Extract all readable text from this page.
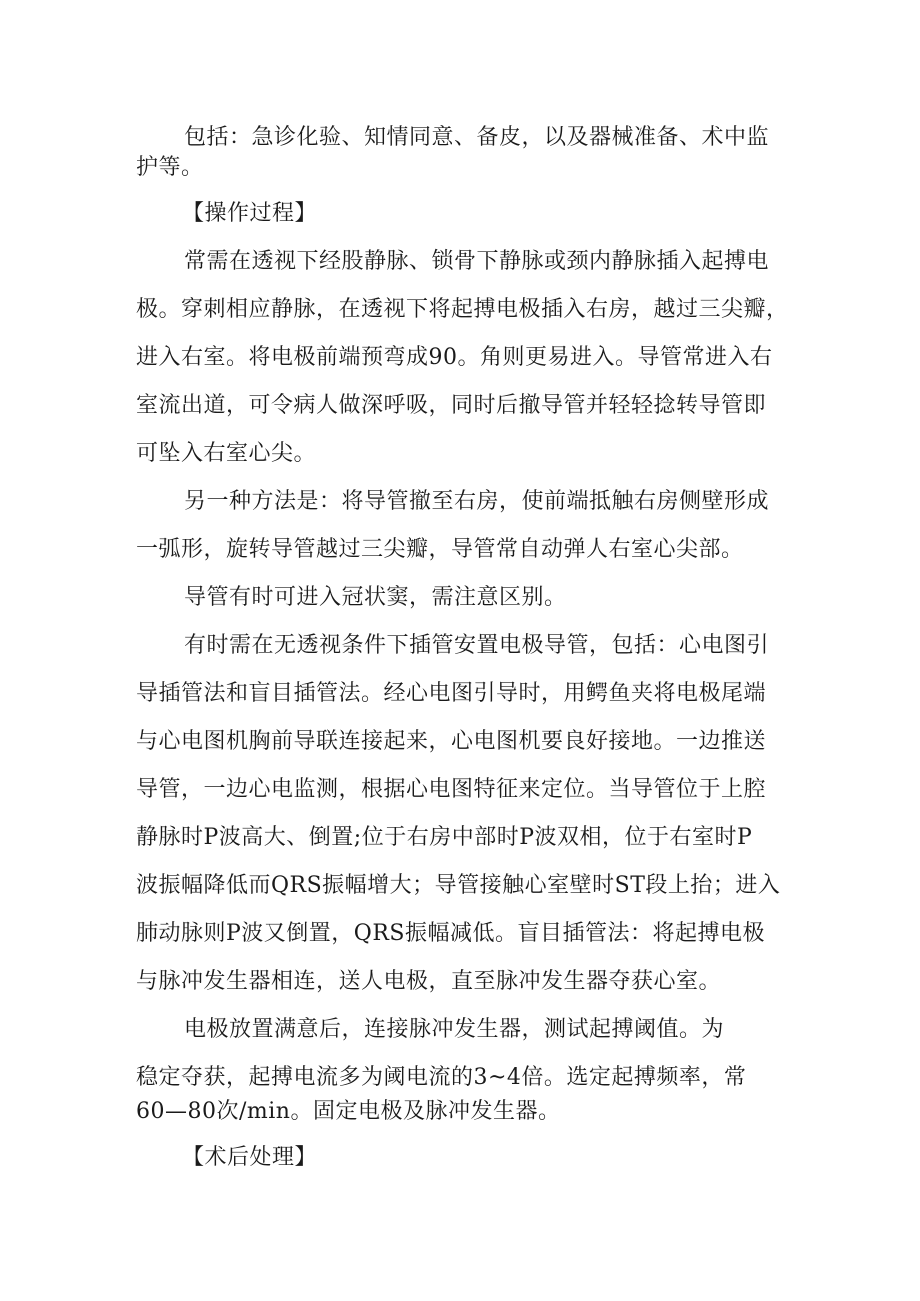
包括：急诊化验、知情同意、备皮，以及器械准备、术中监
护等。
【操作过程】
常需在透视下经股静脉、锁骨下静脉或颈内静脉插入起搏电
极。穿刺相应静脉，在透视下将起搏电极插入右房，越过三尖瓣，
进入右室。将电极前端预弯成90。角则更易进入。导管常进入右
室流出道，可令病人做深呼吸，同时后撤导管并轻轻捻转导管即
可坠入右室心尖。
另一种方法是：将导管撤至右房，使前端抵触右房侧壁形成
一弧形，旋转导管越过三尖瓣，导管常自动弹人右室心尖部。
导管有时可进入冠状窦，需注意区别。
有时需在无透视条件下插管安置电极导管，包括：心电图引
导插管法和盲目插管法。经心电图引导时，用鳄鱼夹将电极尾端
与心电图机胸前导联连接起来，心电图机要良好接地。一边推送
导管，一边心电监测，根据心电图特征来定位。当导管位于上腔
静脉时P波高大、倒置;位于右房中部时P波双相，位于右室时P
波振幅降低而QRS振幅增大；导管接触心室壁时ST段上抬；进入
肺动脉则P波又倒置，QRS振幅减低。盲目插管法：将起搏电极
与脉冲发生器相连，送人电极，直至脉冲发生器夺获心室。
电极放置满意后，连接脉冲发生器，测试起搏阈值。为
稳定夺获，起搏电流多为阈电流的3~4倍。选定起搏频率，常
60—80次/min。固定电极及脉冲发生器。
【术后处理】
